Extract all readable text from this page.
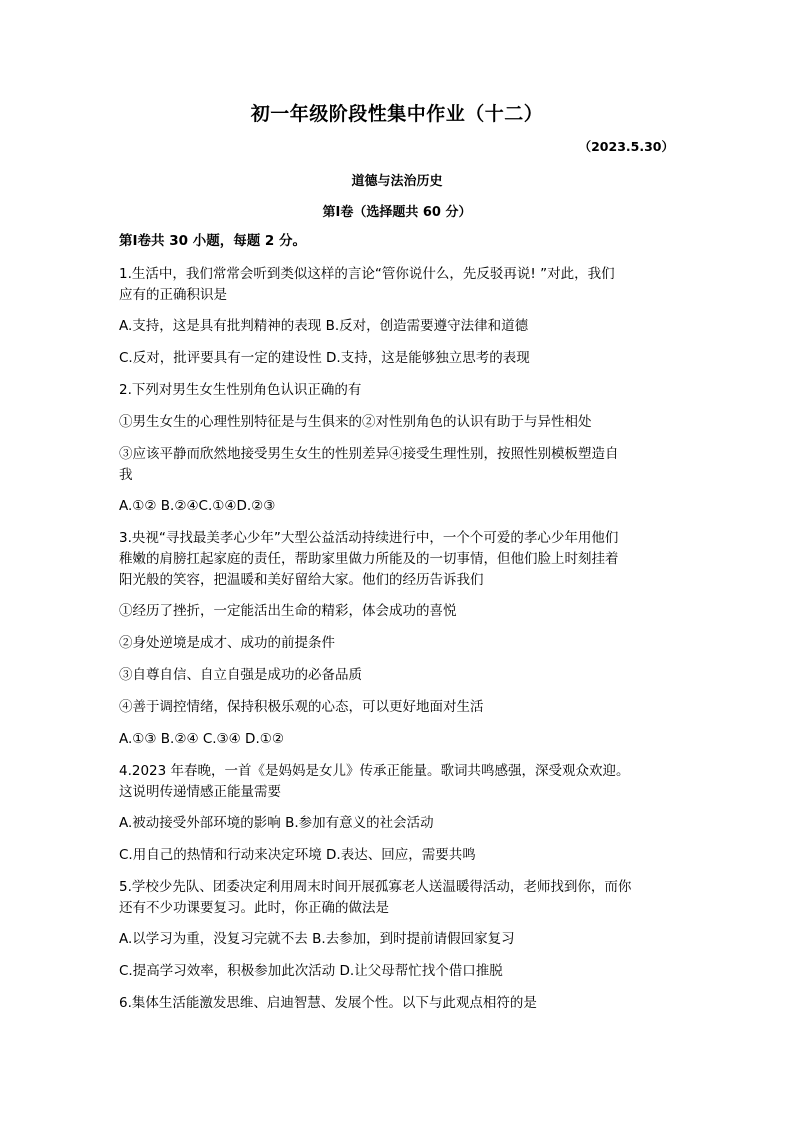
初一年级阶段性集中作业（十二）
（2023.5.30）
道德与法治历史
第Ⅰ卷（选择题共 60 分）
第Ⅰ卷共 30 小题，每题 2 分。
1.生活中，我们常常会听到类似这样的言论“管你说什么，先反驳再说! ”对此，我们
应有的正确积识是
A.支持，这是具有批判精神的表现 B.反对，创造需要遵守法律和道德
C.反对，批评要具有一定的建设性 D.支持，这是能够独立思考的表现
2.下列对男生女生性别角色认识正确的有
①男生女生的心理性别特征是与生俱来的②对性别角色的认识有助于与异性相处
③应该平静而欣然地接受男生女生的性别差异④接受生理性别，按照性别模板塑造自
我
A.①② B.②④C.①④D.②③
3.央视“寻找最美孝心少年”大型公益活动持续进行中，一个个可爱的孝心少年用他们
稚嫩的肩膀扛起家庭的责任，帮助家里做力所能及的一切事情，但他们脸上时刻挂着
阳光般的笑容，把温暖和美好留给大家。他们的经历告诉我们
①经历了挫折，一定能活出生命的精彩，体会成功的喜悦
②身处逆境是成才、成功的前提条件
③自尊自信、自立自强是成功的必备品质
④善于调控情绪，保持积极乐观的心态，可以更好地面对生活
A.①③ B.②④ C.③④ D.①②
4.2023 年春晚，一首《是妈妈是女儿》传承正能量。歌词共鸣感强，深受观众欢迎。
这说明传递情感正能量需要
A.被动接受外部环境的影响 B.参加有意义的社会活动
C.用自己的热情和行动来决定环境 D.表达、回应，需要共鸣
5.学校少先队、团委决定利用周末时间开展孤寡老人送温暖得活动，老师找到你，而你
还有不少功课要复习。此时，你正确的做法是
A.以学习为重，没复习完就不去 B.去参加，到时提前请假回家复习
C.提高学习效率，积极参加此次活动 D.让父母帮忙找个借口推脱
6.集体生活能激发思维、启迪智慧、发展个性。以下与此观点相符的是
